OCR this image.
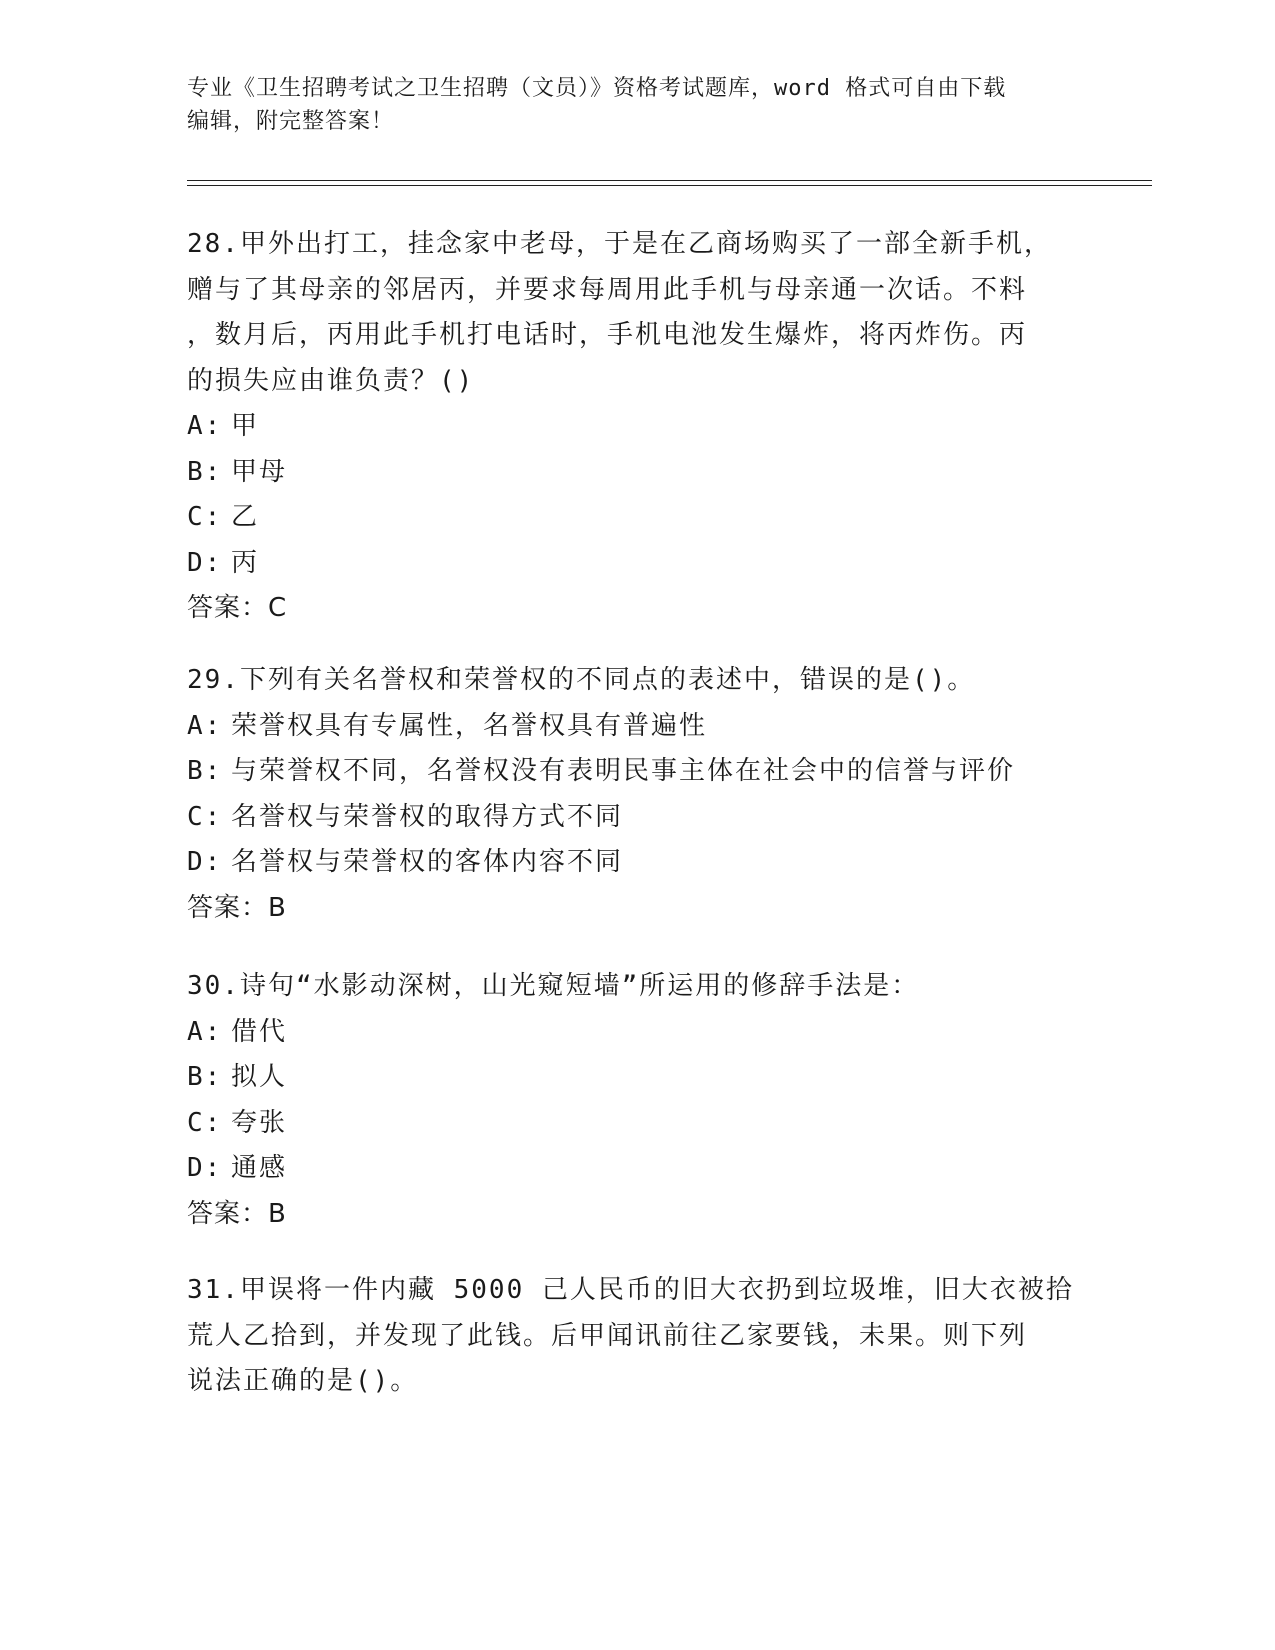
专业《卫生招聘考试之卫生招聘（文员）》资格考试题库，word 格式可自由下载
编辑，附完整答案！
28.甲外出打工，挂念家中老母，于是在乙商场购买了一部全新手机，
赠与了其母亲的邻居丙，并要求每周用此手机与母亲通一次话。不料
，数月后，丙用此手机打电话时，手机电池发生爆炸，将丙炸伤。丙
的损失应由谁负责？()
A: 甲
B: 甲母
C: 乙
D: 丙
答案：C
29.下列有关名誉权和荣誉权的不同点的表述中，错误的是()。
A: 荣誉权具有专属性，名誉权具有普遍性
B: 与荣誉权不同，名誉权没有表明民事主体在社会中的信誉与评价
C: 名誉权与荣誉权的取得方式不同
D: 名誉权与荣誉权的客体内容不同
答案：B
30.诗句“水影动深树，山光窥短墙”所运用的修辞手法是：
A: 借代
B: 拟人
C: 夸张
D: 通感
答案：B
31.甲误将一件内藏 5000 己人民币的旧大衣扔到垃圾堆，旧大衣被拾
荒人乙拾到，并发现了此钱。后甲闻讯前往乙家要钱，未果。则下列
说法正确的是()。
